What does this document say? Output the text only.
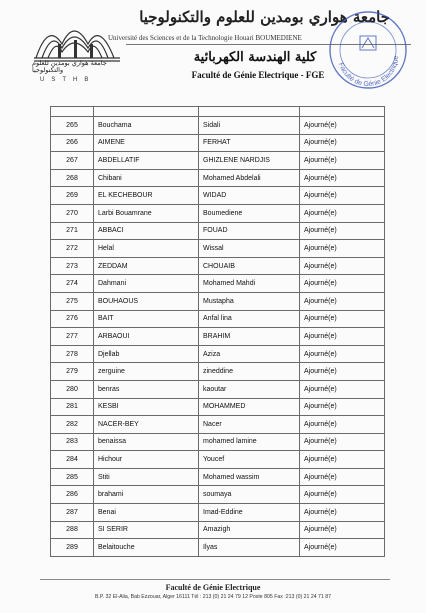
جامعة هواري بومدين للعلوم والتكنولوجيا
USTHB
جامعة هواري بومدين للعلوم والتكنولوجيا
Université des Sciences et de la Technologie Houari BOUMEDIENE
كلية الهندسة الكهربائية
Faculté de Génie Electrique - FGE
Faculté de Génie Electrique

265	Bouchama	Sidali	Ajourné(e)
266	AIMENE	FERHAT	Ajourné(e)
267	ABDELLATIF	GHIZLENE NARDJIS	Ajourné(e)
268	Chibani	Mohamed Abdelali	Ajourné(e)
269	EL KECHEBOUR	WIDAD	Ajourné(e)
270	Larbi Bouamrane	Boumediene	Ajourné(e)
271	ABBACI	FOUAD	Ajourné(e)
272	Helal	Wissal	Ajourné(e)
273	ZEDDAM	CHOUAIB	Ajourné(e)
274	Dahmani	Mohamed Mahdi	Ajourné(e)
275	BOUHAOUS	Mustapha	Ajourné(e)
276	BAIT	Anfal lina	Ajourné(e)
277	ARBAOUI	BRAHIM	Ajourné(e)
278	Djellab	Aziza	Ajourné(e)
279	zerguine	zineddine	Ajourné(e)
280	benras	kaoutar	Ajourné(e)
281	KESBI	MOHAMMED	Ajourné(e)
282	NACER-BEY	Nacer	Ajourné(e)
283	benaissa	mohamed lamine	Ajourné(e)
284	Hichour	Youcef	Ajourné(e)
285	Stiti	Mohamed wassim	Ajourné(e)
286	brahami	soumaya	Ajourné(e)
287	Benai	Imad-Eddine	Ajourné(e)
288	SI SERIR	Amazigh	Ajourné(e)
289	Belaitouche	Ilyas	Ajourné(e)
Faculté de Génie Electrique
B.P. 32 El-Alia, Bab Ezzouar, Alger 16111 Tél : 213 (0) 21 24 79 12 Poste 805 Fax :213 (0) 21 24 71 87
